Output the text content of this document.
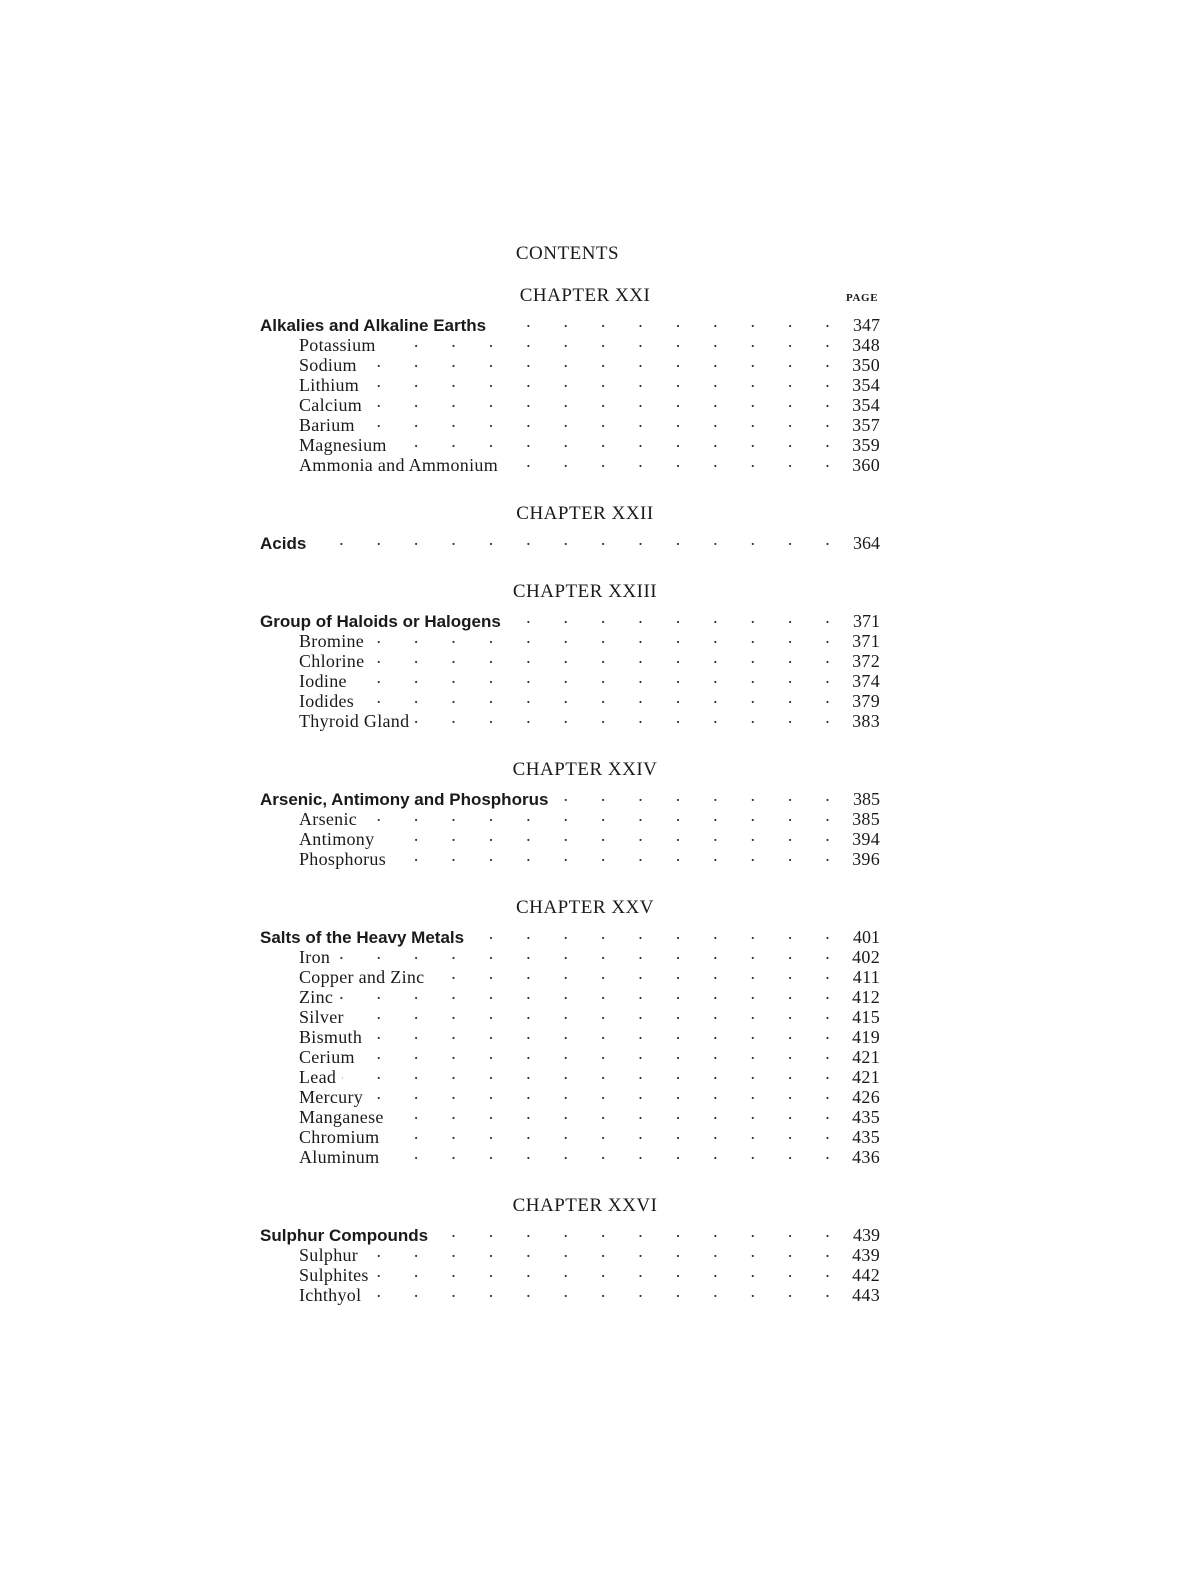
CONTENTS
PAGE
CHAPTER XXI
Alkalies and Alkaline Earths . . .	347
Potassium . . .	348
Sodium . . .	350
Lithium . . .	354
Calcium . . .	354
Barium . . .	357
Magnesium . . .	359
Ammonia and Ammonium . . .	360
CHAPTER XXII
Acids . . .	364
CHAPTER XXIII
Group of Haloids or Halogens . . .	371
Bromine . . .	371
Chlorine . . .	372
Iodine . . .	374
Iodides . . .	379
Thyroid Gland . . .	383
CHAPTER XXIV
Arsenic, Antimony and Phosphorus . . .	385
Arsenic . . .	385
Antimony . . .	394
Phosphorus . . .	396
CHAPTER XXV
Salts of the Heavy Metals . . .	401
Iron . . .	402
Copper and Zinc . . .	411
Zinc . . .	412
Silver . . .	415
Bismuth . . .	419
Cerium . . .	421
Lead . . .	421
Mercury . . .	426
Manganese . . .	435
Chromium . . .	435
Aluminum . . .	436
CHAPTER XXVI
Sulphur Compounds . . .	439
Sulphur . . .	439
Sulphites . . .	442
Ichthyol . . .	443
